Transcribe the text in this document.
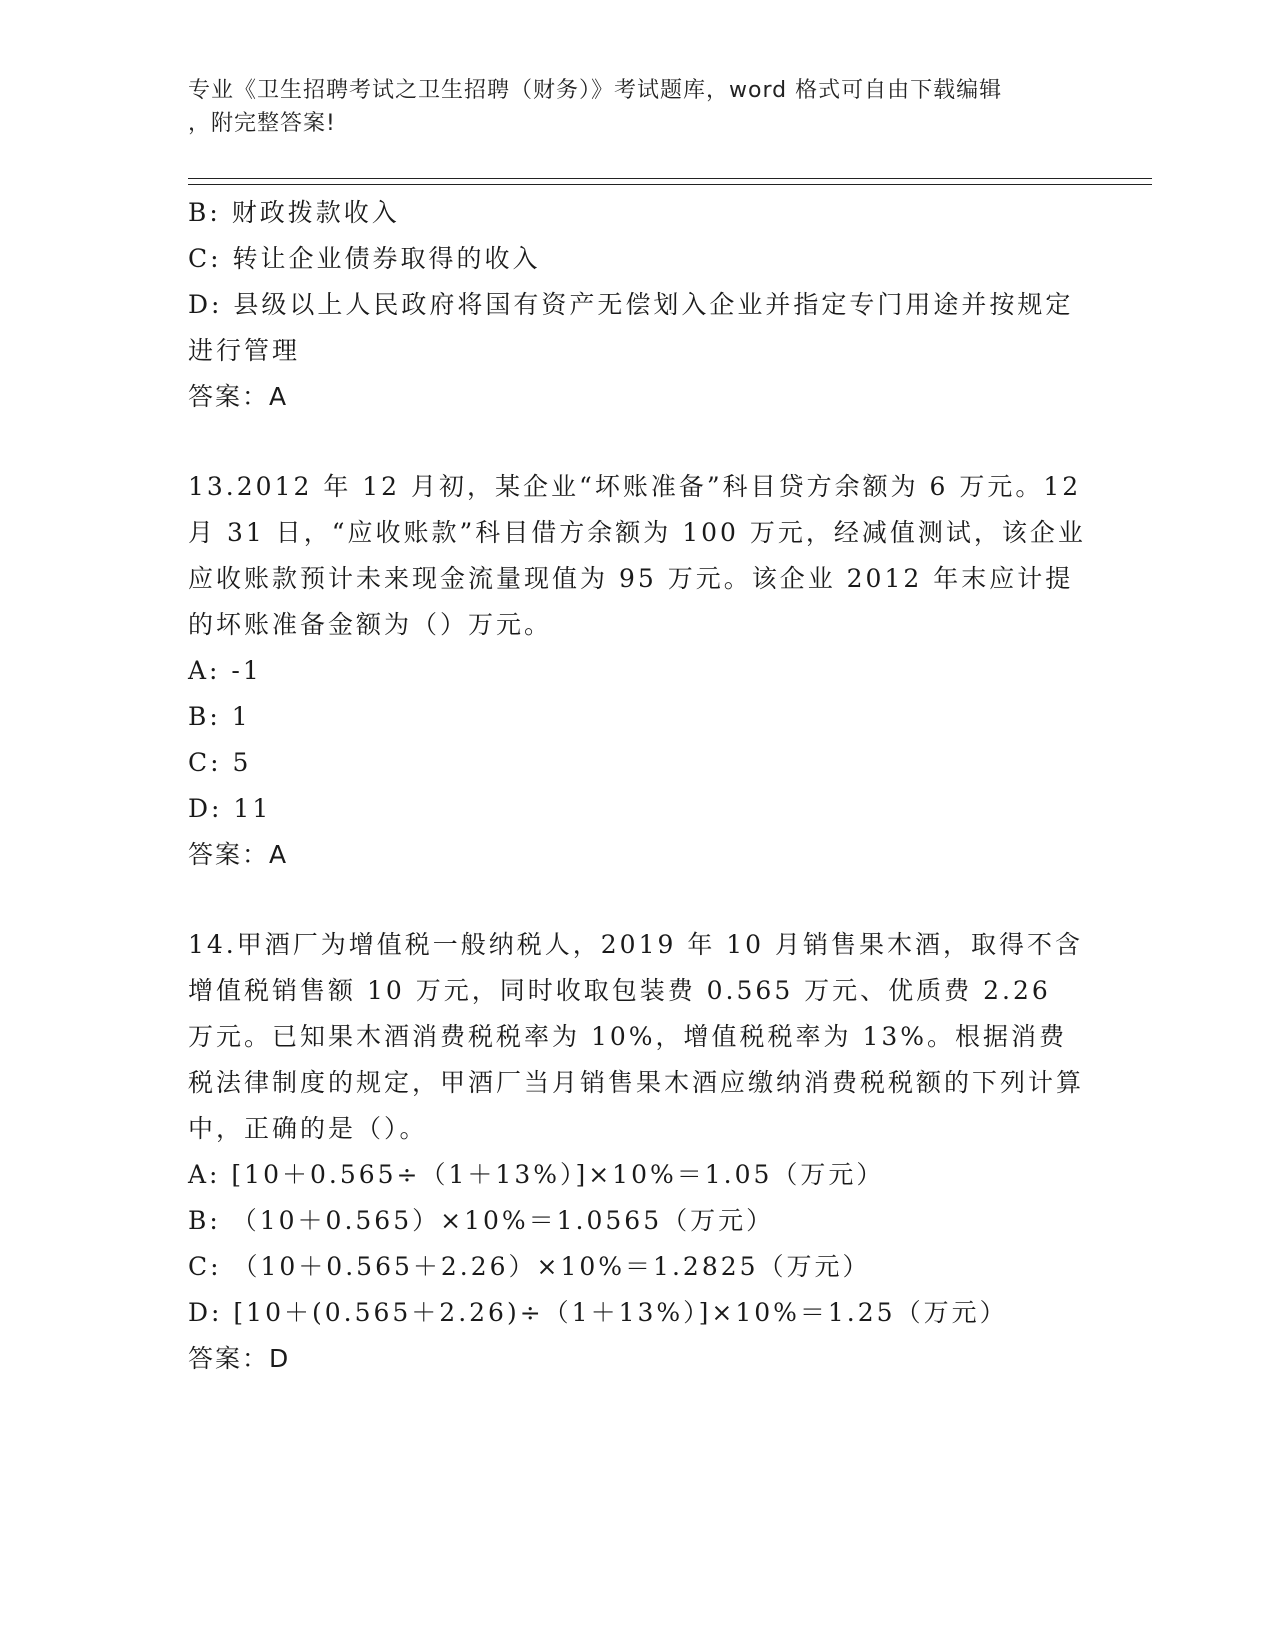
专业《卫生招聘考试之卫生招聘（财务）》考试题库，word 格式可自由下载编辑
，附完整答案!
B: 财政拨款收入
C: 转让企业债券取得的收入
D: 县级以上人民政府将国有资产无偿划入企业并指定专门用途并按规定进行管理
答案：A
13.2012 年 12 月初，某企业“坏账准备”科目贷方余额为 6 万元。12 月 31 日，“应收账款”科目借方余额为 100 万元，经减值测试，该企业应收账款预计未来现金流量现值为 95 万元。该企业 2012 年末应计提的坏账准备金额为（）万元。
A: -1
B: 1
C: 5
D: 11
答案：A
14.甲酒厂为增值税一般纳税人，2019 年 10 月销售果木酒，取得不含增值税销售额 10 万元，同时收取包装费 0.565 万元、优质费 2.26 万元。已知果木酒消费税税率为 10%，增值税税率为 13%。根据消费税法律制度的规定，甲酒厂当月销售果木酒应缴纳消费税税额的下列计算中，正确的是（）。
A: [10＋0.565÷（1＋13%）]×10%＝1.05（万元）
B: （10＋0.565）×10%＝1.0565（万元）
C: （10＋0.565＋2.26）×10%＝1.2825（万元）
D: [10＋(0.565＋2.26)÷（1＋13%）]×10%＝1.25（万元）
答案：D
